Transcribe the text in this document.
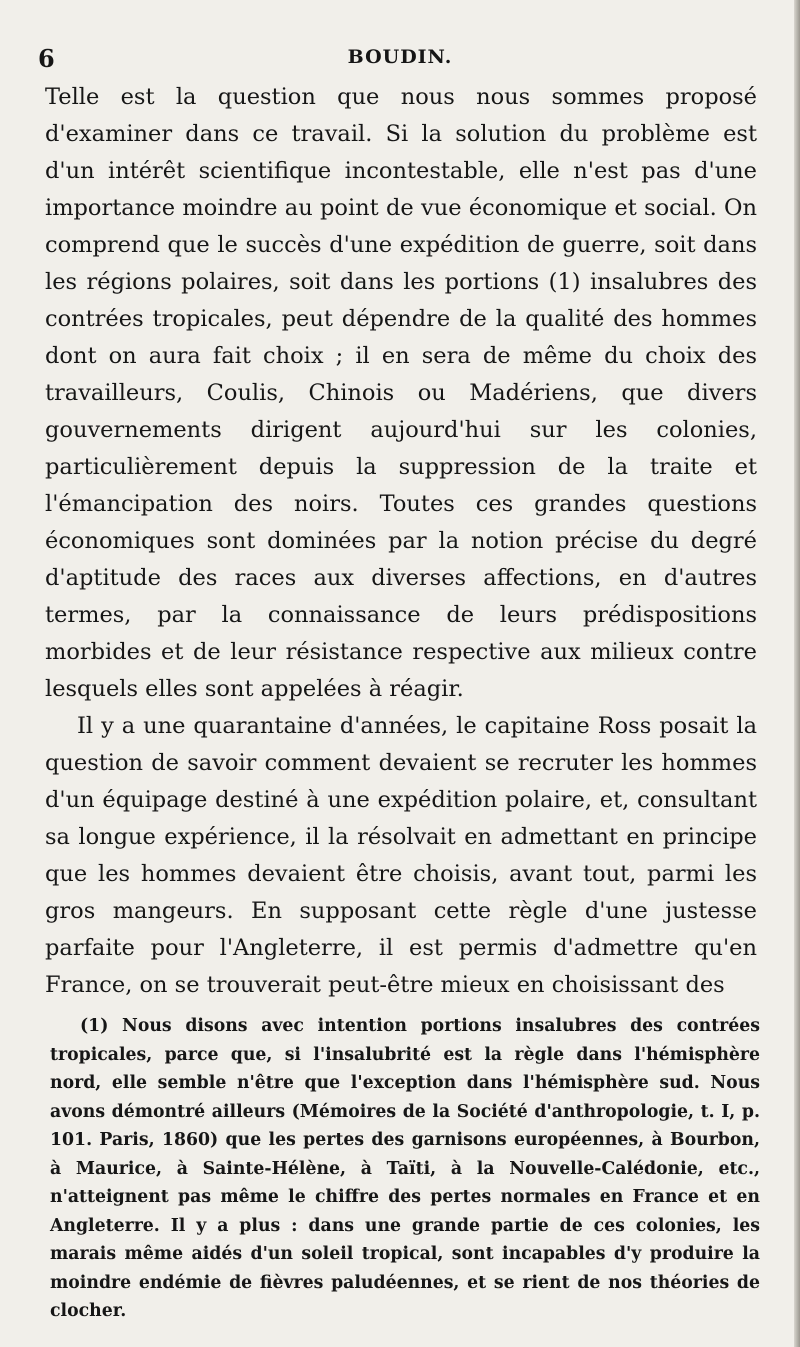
6	BOUDIN.

Telle est la question que nous nous sommes proposé d'examiner dans ce travail. Si la solution du problème est d'un intérêt scientifique incontestable, elle n'est pas d'une importance moindre au point de vue économique et social. On comprend que le succès d'une expédition de guerre, soit dans les régions polaires, soit dans les portions (1) insalubres des contrées tropicales, peut dépendre de la qualité des hommes dont on aura fait choix ; il en sera de même du choix des travailleurs, Coulis, Chinois ou Madériens, que divers gouvernements dirigent aujourd'hui sur les colonies, particulièrement depuis la suppression de la traite et l'émancipation des noirs. Toutes ces grandes questions économiques sont dominées par la notion précise du degré d'aptitude des races aux diverses affections, en d'autres termes, par la connaissance de leurs prédispositions morbides et de leur résistance respective aux milieux contre lesquels elles sont appelées à réagir.

Il y a une quarantaine d'années, le capitaine Ross posait la question de savoir comment devaient se recruter les hommes d'un équipage destiné à une expédition polaire, et, consultant sa longue expérience, il la résolvait en admettant en principe que les hommes devaient être choisis, avant tout, parmi les gros mangeurs. En supposant cette règle d'une justesse parfaite pour l'Angleterre, il est permis d'admettre qu'en France, on se trouverait peut-être mieux en choisissant des

(1) Nous disons avec intention portions insalubres des contrées tropicales, parce que, si l'insalubrité est la règle dans l'hémisphère nord, elle semble n'être que l'exception dans l'hémisphère sud. Nous avons démontré ailleurs (Mémoires de la Société d'anthropologie, t. I, p. 101. Paris, 1860) que les pertes des garnisons européennes, à Bourbon, à Maurice, à Sainte-Hélène, à Taïti, à la Nouvelle-Calédonie, etc., n'atteignent pas même le chiffre des pertes normales en France et en Angleterre. Il y a plus : dans une grande partie de ces colonies, les marais même aidés d'un soleil tropical, sont incapables d'y produire la moindre endémie de fièvres paludéennes, et se rient de nos théories de clocher.
